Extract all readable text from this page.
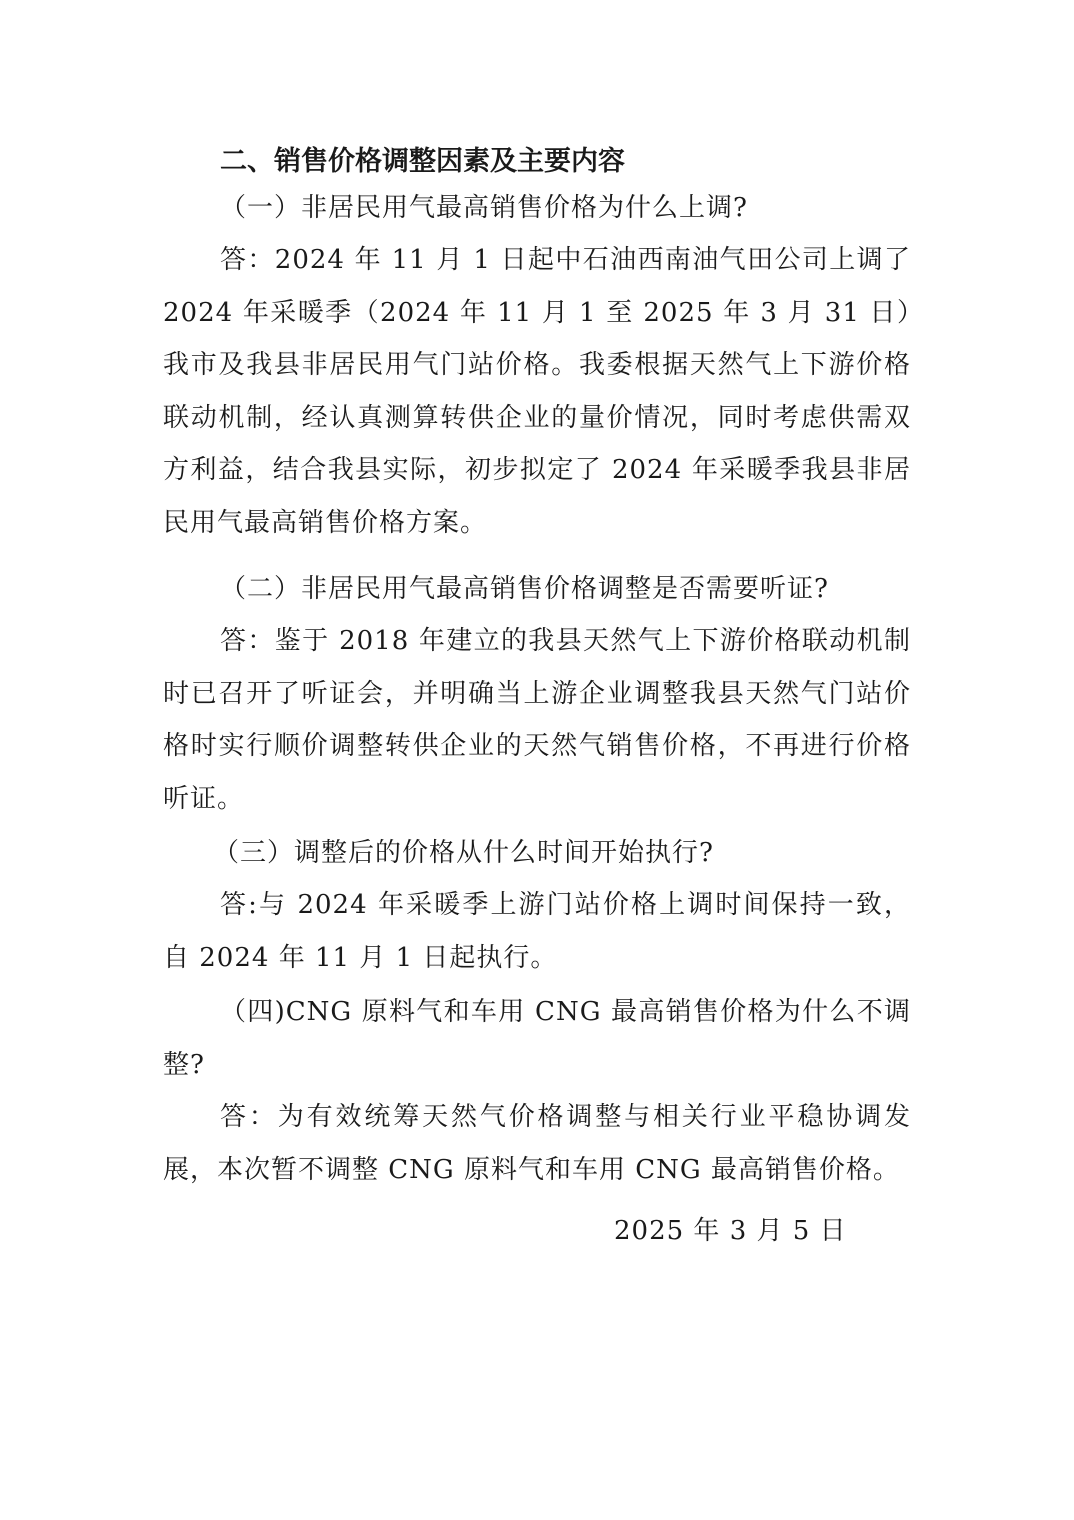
二、销售价格调整因素及主要内容

（一）非居民用气最高销售价格为什么上调?

答：2024 年 11 月 1 日起中石油西南油气田公司上调了 2024 年采暖季（2024 年 11 月 1 至 2025 年 3 月 31 日）我市及我县非居民用气门站价格。我委根据天然气上下游价格联动机制，经认真测算转供企业的量价情况，同时考虑供需双方利益，结合我县实际，初步拟定了 2024 年采暖季我县非居民用气最高销售价格方案。

（二）非居民用气最高销售价格调整是否需要听证?

答：鉴于 2018 年建立的我县天然气上下游价格联动机制时已召开了听证会，并明确当上游企业调整我县天然气门站价格时实行顺价调整转供企业的天然气销售价格，不再进行价格听证。

（三）调整后的价格从什么时间开始执行?

答:与 2024 年采暖季上游门站价格上调时间保持一致，自 2024 年 11 月 1 日起执行。

（四)CNG 原料气和车用 CNG 最高销售价格为什么不调整?

答：为有效统筹天然气价格调整与相关行业平稳协调发展，本次暂不调整 CNG 原料气和车用 CNG 最高销售价格。

2025 年 3 月 5 日
